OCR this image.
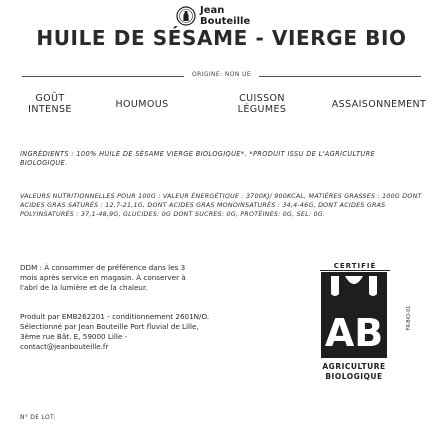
Jean
Bouteille
HUILE DE SÉSAME - VIERGE BIO
ORIGINE: NON UE
GOÛT
INTENSE	HOUMOUS
CUISSON
LÉGUMES	ASSAISONNEMENT
INGRÉDIENTS : 100% HUILE DE SÉSAME VIERGE BIOLOGIQUE*. *PRODUIT ISSU DE L'AGRICULTURE BIOLOGIQUE.
VALEURS NUTRITIONNELLES POUR 100G : VALEUR ÉNERGÉTIQUE : 3700KJ/ 900KCAL, MATIÈRES GRASSES : 100G DONT ACIDES GRAS SATURÉS : 12,7-21,1G, DONT ACIDES GRAS MONOINSATURÉS : 34,4-46G, DONT ACIDES GRAS POLYINSATURÉS : 37,1-48,9G, GLUCIDES: 0G DONT SUCRES: 0G, PROTÉINES: 0G, SEL: 0G.
DDM : À consommer de préférence dans les 3 mois après service en magasin. À conserver à l'abri de la lumière et de la chaleur.
Produit par EMB262201 - conditionnement 2601N/O. Sélectionné par Jean Bouteille Port fluvial de Lille, 3ème rue Bât. E, 59000 Lille - contact@jeanbouteille.fr
CERTIFIÉ
AB
AGRICULTURE
BIOLOGIQUE
FR-BIO-01
N° DE LOT:
